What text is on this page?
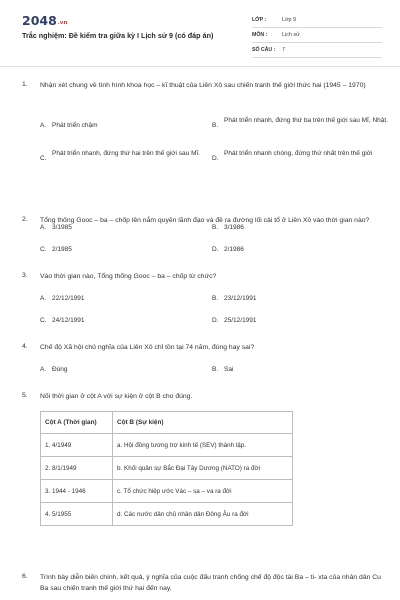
2048.vn
Trắc nghiệm: Đề kiểm tra giữa kỳ I Lịch sử 9 (có đáp án)
LỚP :	Lớp 9
MÔN :	Lịch sử
SỐ CÂU :	7
1. Nhận xét chung về tình hình khoa học – kĩ thuật của Liên Xô sau chiến tranh thế giới thức hai (1945 – 1970)
A. Phát triển chậm	B.
Phát triển nhanh, đứng thứ ba trên thế giới sau Mĩ, Nhật.
C.
Phát triển nhanh, đứng thứ hai trên thế giới sau Mĩ.
D.
Phát triển nhanh chóng, đứng thứ nhất trên thế giới
2. Tổng thống Gooc – ba – chốp lên nắm quyền lãnh đạo và đề ra đường lối cải tổ ở Liên Xô vào thời gian nào?
A. 3/1985	B. 3/1986
C. 2/1985	D. 2/1986
3. Vào thời gian nào, Tổng thống Gooc – ba – chốp từ chức?
A. 22/12/1991	B. 23/12/1991
C. 24/12/1991	D. 25/12/1991
4. Chế độ Xã hội chủ nghĩa của Liên Xô chỉ tồn tại 74 năm, đúng hay sai?
A. Đúng	B. Sai
5. Nối thời gian ở cột A với sự kiện ở cột B cho đúng.
Cột A (Thời gian)	Cột B (Sự kiện)
1. 4/1949	a. Hội đồng tương trợ kinh tế (SEV) thành lập.
2. 8/1/1949	b. Khối quân sự Bắc Đại Tây Dương (NATO) ra đời
3. 1944 - 1946	c. Tổ chức hiệp ước Vác – sa – va ra đời
4. 5/1955	d. Các nước dân chủ nhân dân Đông Âu ra đời
6. Trình bày diễn biến chính, kết quả, ý nghĩa của cuộc đấu tranh chống chế độ độc tài Ba – ti- xta của nhân dân Cu Ba sau chiến tranh thế giới thứ hai đến nay.
